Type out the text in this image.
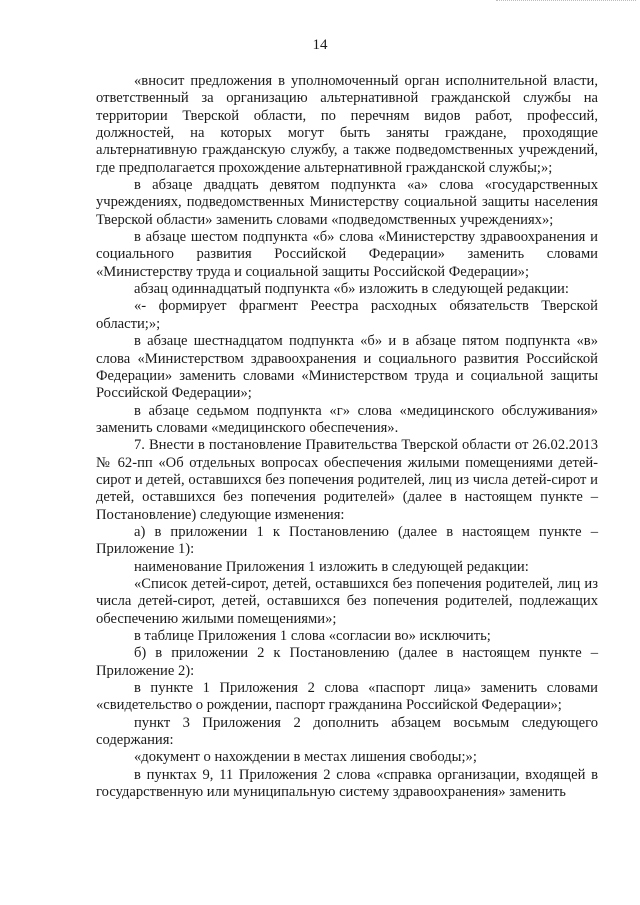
14

«вносит предложения в уполномоченный орган исполнительной власти, ответственный за организацию альтернативной гражданской службы на территории Тверской области, по перечням видов работ, профессий, должностей, на которых могут быть заняты граждане, проходящие альтернативную гражданскую службу, а также подведомственных учреждений, где предполагается прохождение альтернативной гражданской службы;»;

в абзаце двадцать девятом подпункта «а» слова «государственных учреждениях, подведомственных Министерству социальной защиты населения Тверской области» заменить словами «подведомственных учреждениях»;

в абзаце шестом подпункта «б» слова «Министерству здравоохранения и социального развития Российской Федерации» заменить словами «Министерству труда и социальной защиты Российской Федерации»;

абзац одиннадцатый подпункта «б» изложить в следующей редакции:

«- формирует фрагмент Реестра расходных обязательств Тверской области;»;

в абзаце шестнадцатом подпункта «б» и в абзаце пятом подпункта «в» слова «Министерством здравоохранения и социального развития Российской Федерации» заменить словами «Министерством труда и социальной защиты Российской Федерации»;

в абзаце седьмом подпункта «г» слова «медицинского обслуживания» заменить словами «медицинского обеспечения».

7. Внести в постановление Правительства Тверской области от 26.02.2013 № 62-пп «Об отдельных вопросах обеспечения жилыми помещениями детей-сирот и детей, оставшихся без попечения родителей, лиц из числа детей-сирот и детей, оставшихся без попечения родителей» (далее в настоящем пункте – Постановление) следующие изменения:

а) в приложении 1 к Постановлению (далее в настоящем пункте – Приложение 1):

наименование Приложения 1 изложить в следующей редакции:

«Список детей-сирот, детей, оставшихся без попечения родителей, лиц из числа детей-сирот, детей, оставшихся без попечения родителей, подлежащих обеспечению жилыми помещениями»;

в таблице Приложения 1 слова «согласии во» исключить;

б) в приложении 2 к Постановлению (далее в настоящем пункте – Приложение 2):

в пункте 1 Приложения 2 слова «паспорт лица» заменить словами «свидетельство о рождении, паспорт гражданина Российской Федерации»;

пункт 3 Приложения 2 дополнить абзацем восьмым следующего содержания:

«документ о нахождении в местах лишения свободы;»;

в пунктах 9, 11 Приложения 2 слова «справка организации, входящей в государственную или муниципальную систему здравоохранения» заменить
